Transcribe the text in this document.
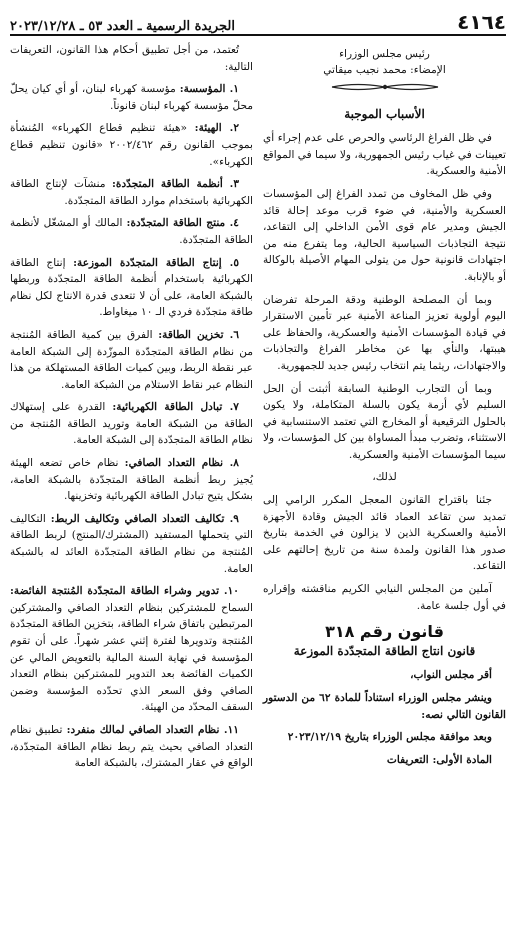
٤١٦٤
الجريدة الرسمية ـ العدد ٥٣ ـ ٢٠٢٣/١٢/٢٨
رئيس مجلس الوزراء
الإمضاء: محمد نجيب ميقاتي
الأسباب الموجبة

في ظل الفراغ الرئاسي والحرص على عدم إجراء أي تعيينات في غياب رئيس الجمهورية، ولا سيما في المواقع الأمنية والعسكرية.

وفي ظل المخاوف من تمدد الفراغ إلى المؤسسات العسكرية والأمنية، في ضوء قرب موعد إحالة قائد الجيش ومدير عام قوى الأمن الداخلي إلى التقاعد، نتيجة التجاذبات السياسية الحالية، وما يتفرع منه من اجتهادات قانونية حول من يتولى المهام الأصيلة بالوكالة أو بالإنابة.

وبما أن المصلحة الوطنية ودقة المرحلة تفرضان اليوم أولوية تعزيز المناعة الأمنية عبر تأمين الاستقرار في قيادة المؤسسات الأمنية والعسكرية، والحفاظ على هيبتها، والنأي بها عن مخاطر الفراغ والتجاذبات والاجتهادات، ريثما يتم انتخاب رئيس جديد للجمهورية.

وبما أن التجارب الوطنية السابقة أثبتت أن الحل السليم لأي أزمة يكون بالسلة المتكاملة، ولا يكون بالحلول الترقيعية أو المخارج التي تعتمد الاستنسابية في الاستثناء، وتضرب مبدأ المساواة بين كل المؤسسات، ولا سيما المؤسسات الأمنية والعسكرية.

لذلك،

جئنا باقتراح القانون المعجل المكرر الرامي إلى تمديد سن تقاعد العماد قائد الجيش وقادة الأجهزة الأمنية والعسكرية الذين لا يزالون في الخدمة بتاريخ صدور هذا القانون ولمدة سنة من تاريخ إحالتهم على التقاعد.

آملين من المجلس النيابي الكريم مناقشته وإقراره في أول جلسة عامة.

قانون رقم ٣١٨
قانون انتاج الطاقة المتجدّدة الموزعة

أقر مجلس النواب،

وينشر مجلس الوزراء استناداً للمادة ٦٢ من الدستور القانون التالي نصه:

وبعد موافقة مجلس الوزراء بتاريخ ٢٠٢٣/١٢/١٩

المادة الأولى: التعريفات

تُعتمد، من أجل تطبيق أحكام هذا القانون، التعريفات التالية:

١. المؤسسة: مؤسسة كهرباء لبنان، أو أي كيان يحلّ محلّ مؤسسة كهرباء لبنان قانوناً.

٢. الهيئة: «هيئة تنظيم قطاع الكهرباء» المُنشأة بموجب القانون رقم ٢٠٠٢/٤٦٢ «قانون تنظيم قطاع الكهرباء».

٣. أنظمة الطاقة المتجدّدة: منشآت لإنتاج الطاقة الكهربائية باستخدام موارد الطاقة المتجدّدة.

٤. منتج الطاقة المتجدّدة: المالك أو المشغّل لأنظمة الطاقة المتجدّدة.

٥. إنتاج الطاقة المتجدّدة الموزعة: إنتاج الطاقة الكهربائية باستخدام أنظمة الطاقة المتجدّدة وربطها بالشبكة العامة، على أن لا تتعدى قدرة الانتاج لكل نظام طاقة متجدّدة فردي الـ ١٠ ميغاواط.

٦. تخزين الطاقة: الفرق بين كمية الطاقة المُنتجة من نظام الطاقة المتجدّدة الموزّدة إلى الشبكة العامة عبر نقطة الربط، وبين كميات الطاقة المستهلكة من هذا النظام عبر نقاط الاستلام من الشبكة العامة.

٧. تبادل الطاقة الكهربائية: القدرة على إستهلاك الطاقة من الشبكة العامة وتوريد الطاقة المُنتجة من نظام الطاقة المتجدّدة إلى الشبكة العامة.

٨. نظام التعداد الصافي: نظام خاص تضعه الهيئة يُجيز ربط أنظمة الطاقة المتجدّدة بالشبكة العامة، بشكل يتيح تبادل الطاقة الكهربائية وتخزينها.

٩. تكاليف التعداد الصافي وتكاليف الربط: التكاليف التي يتحملها المستفيد (المشترك/المنتج) لربط الطاقة المُنتجة من نظام الطاقة المتجدّدة العائد له بالشبكة العامة.

١٠. تدوير وشراء الطاقة المتجدّدة المُنتجة الفائضة: السماح للمشتركين بنظام التعداد الصافي والمشتركين المرتبطين باتفاق شراء الطاقة، بتخزين الطاقة المتجدّدة المُنتجة وتدويرها لفترة إثني عشر شهراً. على أن تقوم المؤسسة في نهاية السنة المالية بالتعويض المالي عن الكميات الفائضة بعد التدوير للمشتركين بنظام التعداد الصافي وفق السعر الذي تحدّده المؤسسة وضمن السقف المحدّد من الهيئة.

١١. نظام التعداد الصافي لمالك منفرد: تطبيق نظام التعداد الصافي بحيث يتم ربط نظام الطاقة المتجدّدة، الواقع في عقار المشترك، بالشبكة العامة
